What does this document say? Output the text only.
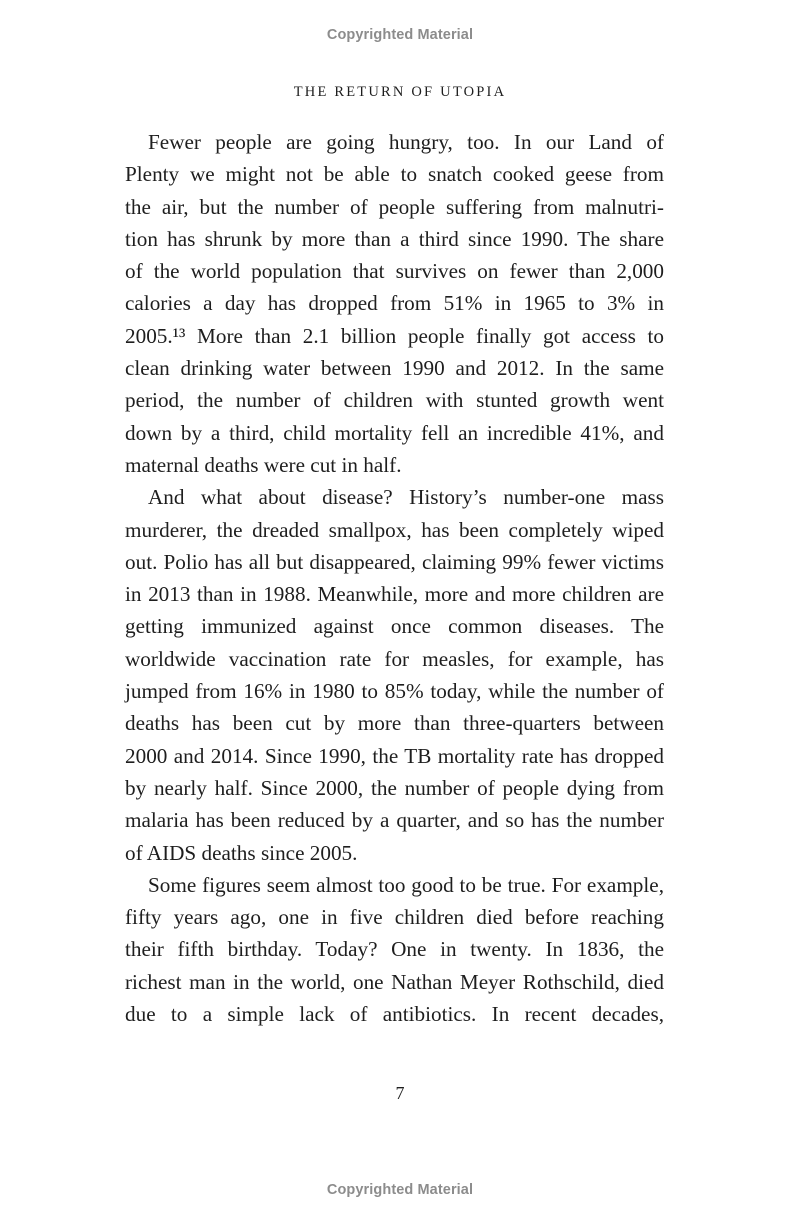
Copyrighted Material
THE RETURN OF UTOPIA
Fewer people are going hungry, too. In our Land of
Plenty we might not be able to snatch cooked geese from
the air, but the number of people suffering from malnutri-
tion has shrunk by more than a third since 1990. The share
of the world population that survives on fewer than 2,000
calories a day has dropped from 51% in 1965 to 3% in
2005.¹³ More than 2.1 billion people finally got access to
clean drinking water between 1990 and 2012. In the same
period, the number of children with stunted growth went
down by a third, child mortality fell an incredible 41%, and
maternal deaths were cut in half.
And what about disease? History’s number-one mass
murderer, the dreaded smallpox, has been completely wiped
out. Polio has all but disappeared, claiming 99% fewer victims
in 2013 than in 1988. Meanwhile, more and more children are
getting immunized against once common diseases. The
worldwide vaccination rate for measles, for example, has
jumped from 16% in 1980 to 85% today, while the number of
deaths has been cut by more than three-quarters between
2000 and 2014. Since 1990, the TB mortality rate has dropped
by nearly half. Since 2000, the number of people dying from
malaria has been reduced by a quarter, and so has the number
of AIDS deaths since 2005.
Some figures seem almost too good to be true. For example,
fifty years ago, one in five children died before reaching
their fifth birthday. Today? One in twenty. In 1836, the
richest man in the world, one Nathan Meyer Rothschild, died
due to a simple lack of antibiotics. In recent decades,
7
Copyrighted Material
